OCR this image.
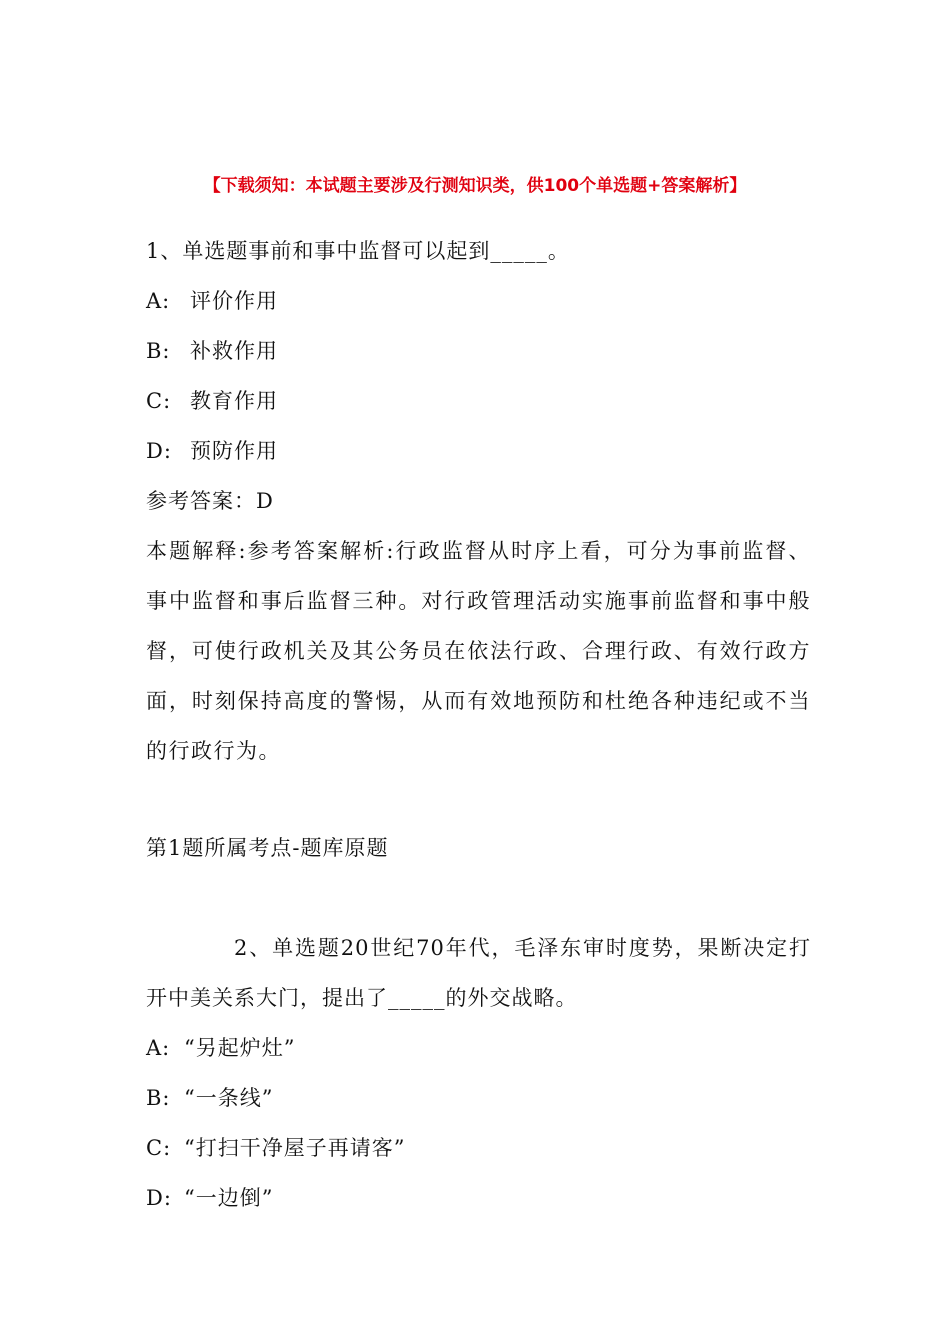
【下载须知：本试题主要涉及行测知识类，供100个单选题+答案解析】
1、单选题事前和事中监督可以起到_____。
A: 评价作用
B: 补救作用
C: 教育作用
D: 预防作用
参考答案：D
本题解释:参考答案解析:行政监督从时序上看，可分为事前监督、事中监督和事后监督三种。对行政管理活动实施事前监督和事中般督，可使行政机关及其公务员在依法行政、合理行政、有效行政方面，时刻保持高度的警惕，从而有效地预防和杜绝各种违纪或不当的行政行为。
第1题所属考点-题库原题
2、单选题20世纪70年代，毛泽东审时度势，果断决定打开中美关系大门，提出了_____的外交战略。
A: “另起炉灶”
B: “一条线”
C: “打扫干净屋子再请客”
D: “一边倒”
